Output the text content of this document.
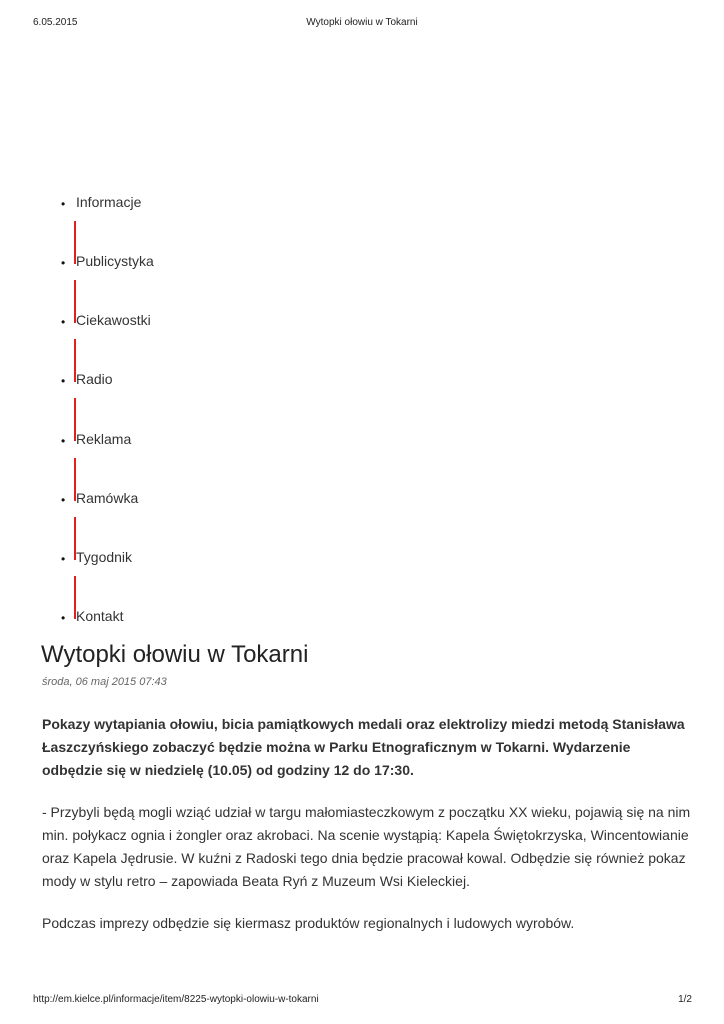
6.05.2015	Wytopki ołowiu w Tokarni
• Informacje
• Publicystyka
• Ciekawostki
• Radio
• Reklama
• Ramówka
• Tygodnik
• Kontakt
Wytopki ołowiu w Tokarni
środa, 06 maj 2015 07:43

Pokazy wytapiania ołowiu, bicia pamiątkowych medali oraz elektrolizy miedzi metodą Stanisława Łaszczyńskiego zobaczyć będzie można w Parku Etnograficznym w Tokarni. Wydarzenie odbędzie się w niedzielę (10.05) od godziny 12 do 17:30.

- Przybyli będą mogli wziąć udział w targu małomiasteczkowym z początku XX wieku, pojawią się na nim min. połykacz ognia i żongler oraz akrobaci. Na scenie wystąpią: Kapela Świętokrzyska, Wincentowianie oraz Kapela Jędrusie. W kuźni z Radoski tego dnia będzie pracował kowal. Odbędzie się również pokaz mody w stylu retro – zapowiada Beata Ryń z Muzeum Wsi Kieleckiej.

Podczas imprezy odbędzie się kiermasz produktów regionalnych i ludowych wyrobów.

http://em.kielce.pl/informacje/item/8225-wytopki-olowiu-w-tokarni	1/2
